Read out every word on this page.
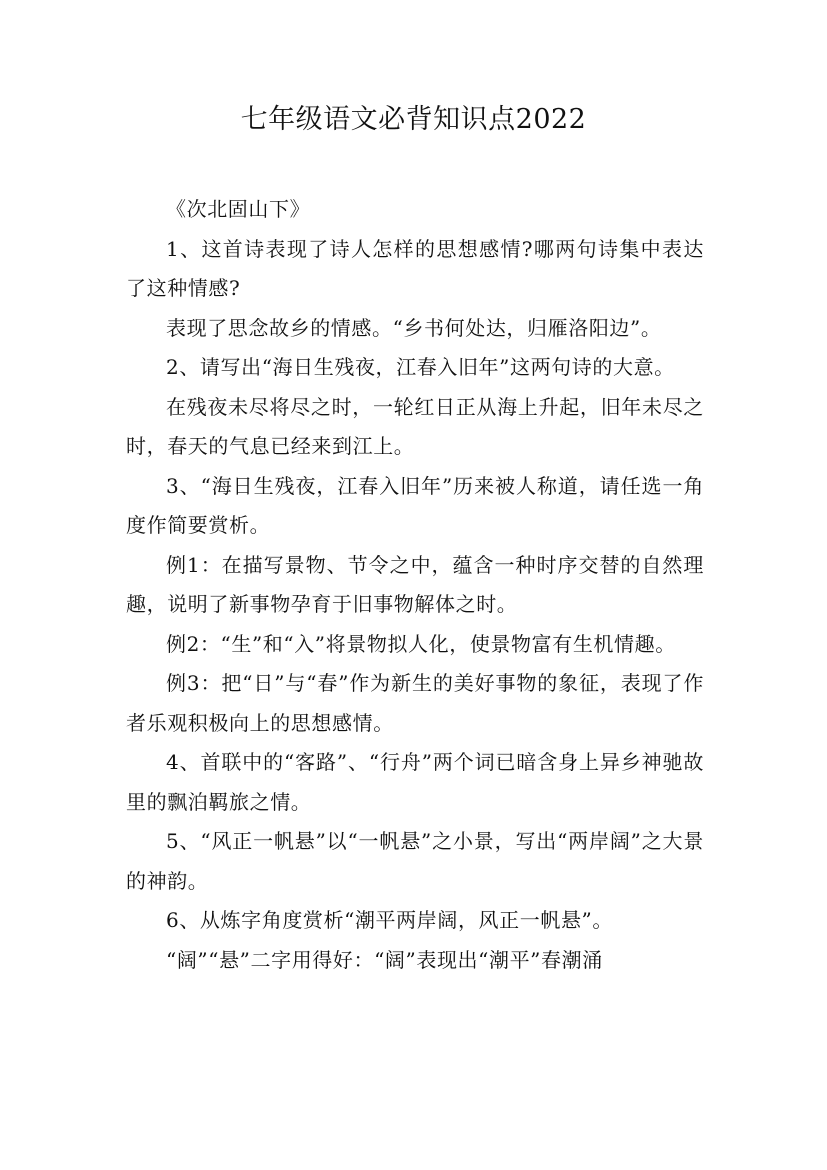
七年级语文必背知识点2022

《次北固山下》

1、这首诗表现了诗人怎样的思想感情?哪两句诗集中表达了这种情感?

表现了思念故乡的情感。“乡书何处达，归雁洛阳边”。

2、请写出“海日生残夜，江春入旧年”这两句诗的大意。

在残夜未尽将尽之时，一轮红日正从海上升起，旧年未尽之时，春天的气息已经来到江上。

3、“海日生残夜，江春入旧年”历来被人称道，请任选一角度作简要赏析。

例1：在描写景物、节令之中，蕴含一种时序交替的自然理趣，说明了新事物孕育于旧事物解体之时。

例2：“生”和“入”将景物拟人化，使景物富有生机情趣。

例3：把“日”与“春”作为新生的美好事物的象征，表现了作者乐观积极向上的思想感情。

4、首联中的“客路”、“行舟”两个词已暗含身上异乡神驰故里的飘泊羁旅之情。

5、“风正一帆悬”以“一帆悬”之小景，写出“两岸阔”之大景的神韵。

6、从炼字角度赏析“潮平两岸阔，风正一帆悬”。

“阔”“悬”二字用得好：“阔”表现出“潮平”春潮涌
